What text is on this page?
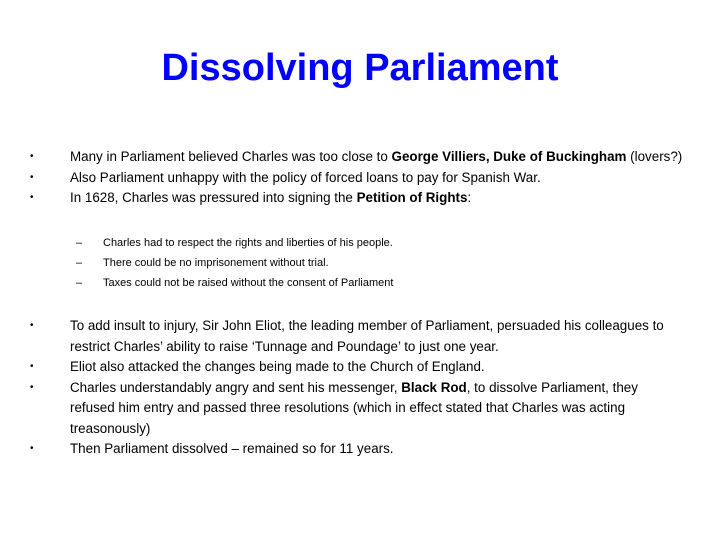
Dissolving Parliament
•	Many in Parliament believed Charles was too close to George Villiers, Duke of Buckingham (lovers?)
•	Also Parliament unhappy with the policy of forced loans to pay for Spanish War.
•	In 1628, Charles was pressured into signing the Petition of Rights:
– Charles had to respect the rights and liberties of his people.
– There could be no imprisonement without trial.
– Taxes could not be raised without the consent of Parliament
•	To add insult to injury, Sir John Eliot, the leading member of Parliament, persuaded his colleagues to restrict Charles’ ability to raise ‘Tunnage and Poundage’ to just one year.
•	Eliot also attacked the changes being made to the Church of England.
•	Charles understandably angry and sent his messenger, Black Rod, to dissolve Parliament, they refused him entry and passed three resolutions (which in effect stated that Charles was acting treasonously)
•	Then Parliament dissolved – remained so for 11 years.
